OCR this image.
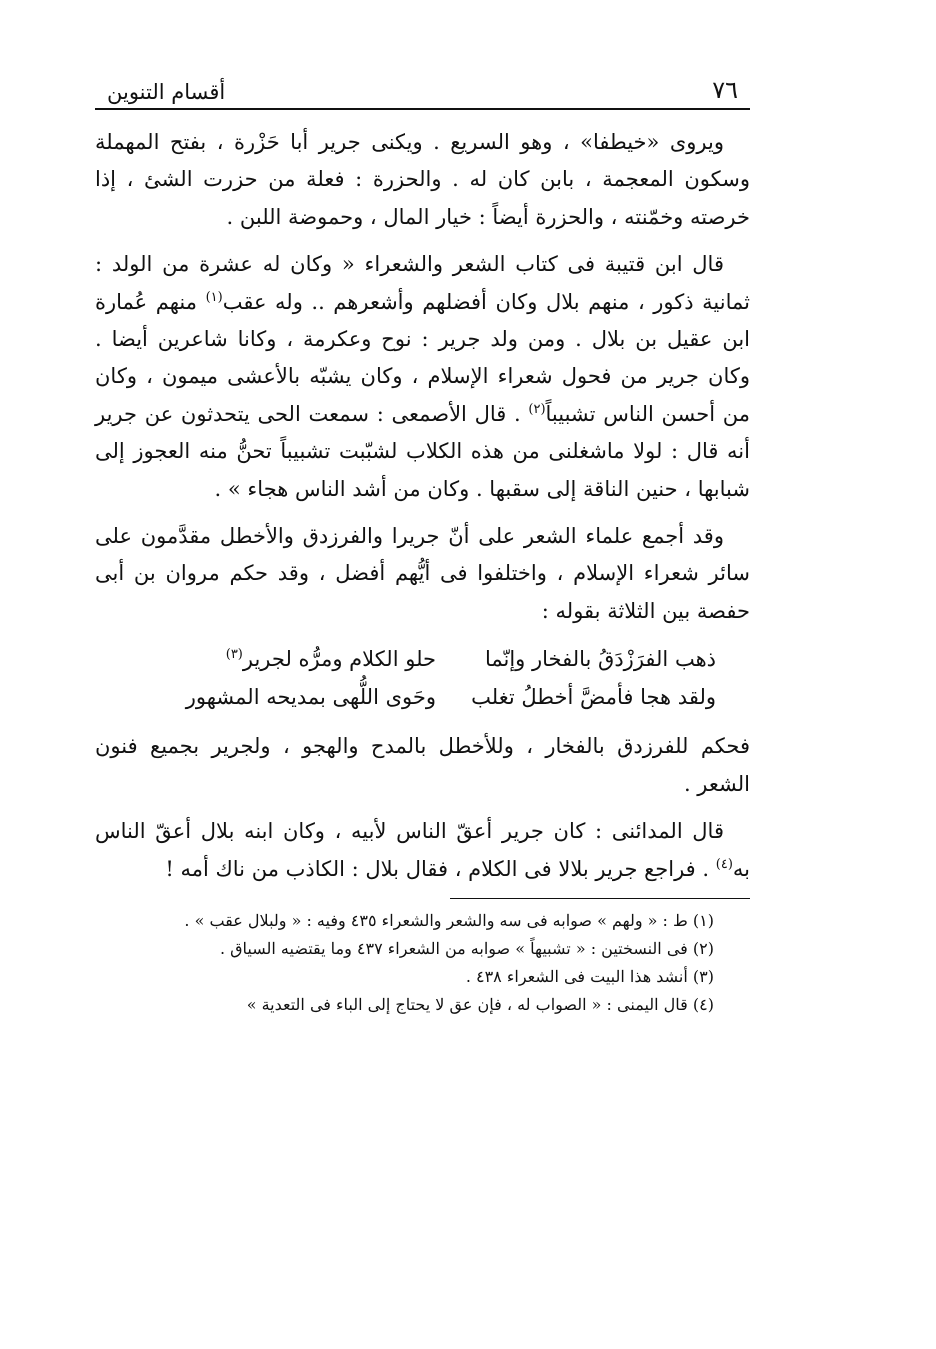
٧٦
أقسام التنوين

ويروى «خيطفا» ، وهو السريع . ويكنى جرير أبا حَزْرة ، بفتح المهملة وسكون المعجمة ، بابن كان له . والحزرة : فعلة من حزرت الشئ ، إذا خرصته وخمّنته ، والحزرة أيضاً : خيار المال ، وحموضة اللبن .

قال ابن قتيبة فى كتاب الشعر والشعراء « وكان له عشرة من الولد : ثمانية ذكور ، منهم بلال وكان أفضلهم وأشعرهم .. وله عقب$^{(١)}$ منهم عُمارة ابن عقيل بن بلال . ومن ولد جرير : نوح وعكرمة ، وكانا شاعرين أيضا . وكان جرير من فحول شعراء الإسلام ، وكان يشبّه بالأعشى ميمون ، وكان من أحسن الناس تشبيباً$^{(٢)}$ . قال الأصمعى : سمعت الحى يتحدثون عن جرير أنه قال : لولا ماشغلنى من هذه الكلاب لشبّبت تشبيباً تحنُّ منه العجوز إلى شبابها ، حنين الناقة إلى سقبها . وكان من أشد الناس هجاء » .

وقد أجمع علماء الشعر على أنّ جريرا والفرزدق والأخطل مقدَّمون على سائر شعراء الإسلام ، واختلفوا فى أيُّهم أفضل ، وقد حكم مروان بن أبى حفصة بين الثلاثة بقوله :

ذهب الفرَزْدَقُ بالفخار وإنّما
حلو الكلام ومرُّه لجرير$^{(٣)}$
ولقد هجا فأمضَّ أخطلُ تغلب
وحَوى اللُّهى بمديحه المشهور

فحكم للفرزدق بالفخار ، وللأخطل بالمدح والهجو ، ولجرير بجميع فنون الشعر .

قال المدائنى : كان جرير أعقّ الناس لأبيه ، وكان ابنه بلال أعقّ الناس به$^{(٤)}$ . فراجع جرير بلالا فى الكلام ، فقال بلال : الكاذب من ناك أمه !

(١) ط : « ولهم » صوابه فى سه والشعر والشعراء ٤٣٥ وفيه : « ولبلال عقب » .
(٢) فى النسختين : « تشبيهاً » صوابه من الشعراء ٤٣٧ وما يقتضيه السياق .
(٣) أنشد هذا البيت فى الشعراء ٤٣٨ .
(٤) قال اليمنى : « الصواب له ، فإن عق لا يحتاج إلى الباء فى التعدية »
